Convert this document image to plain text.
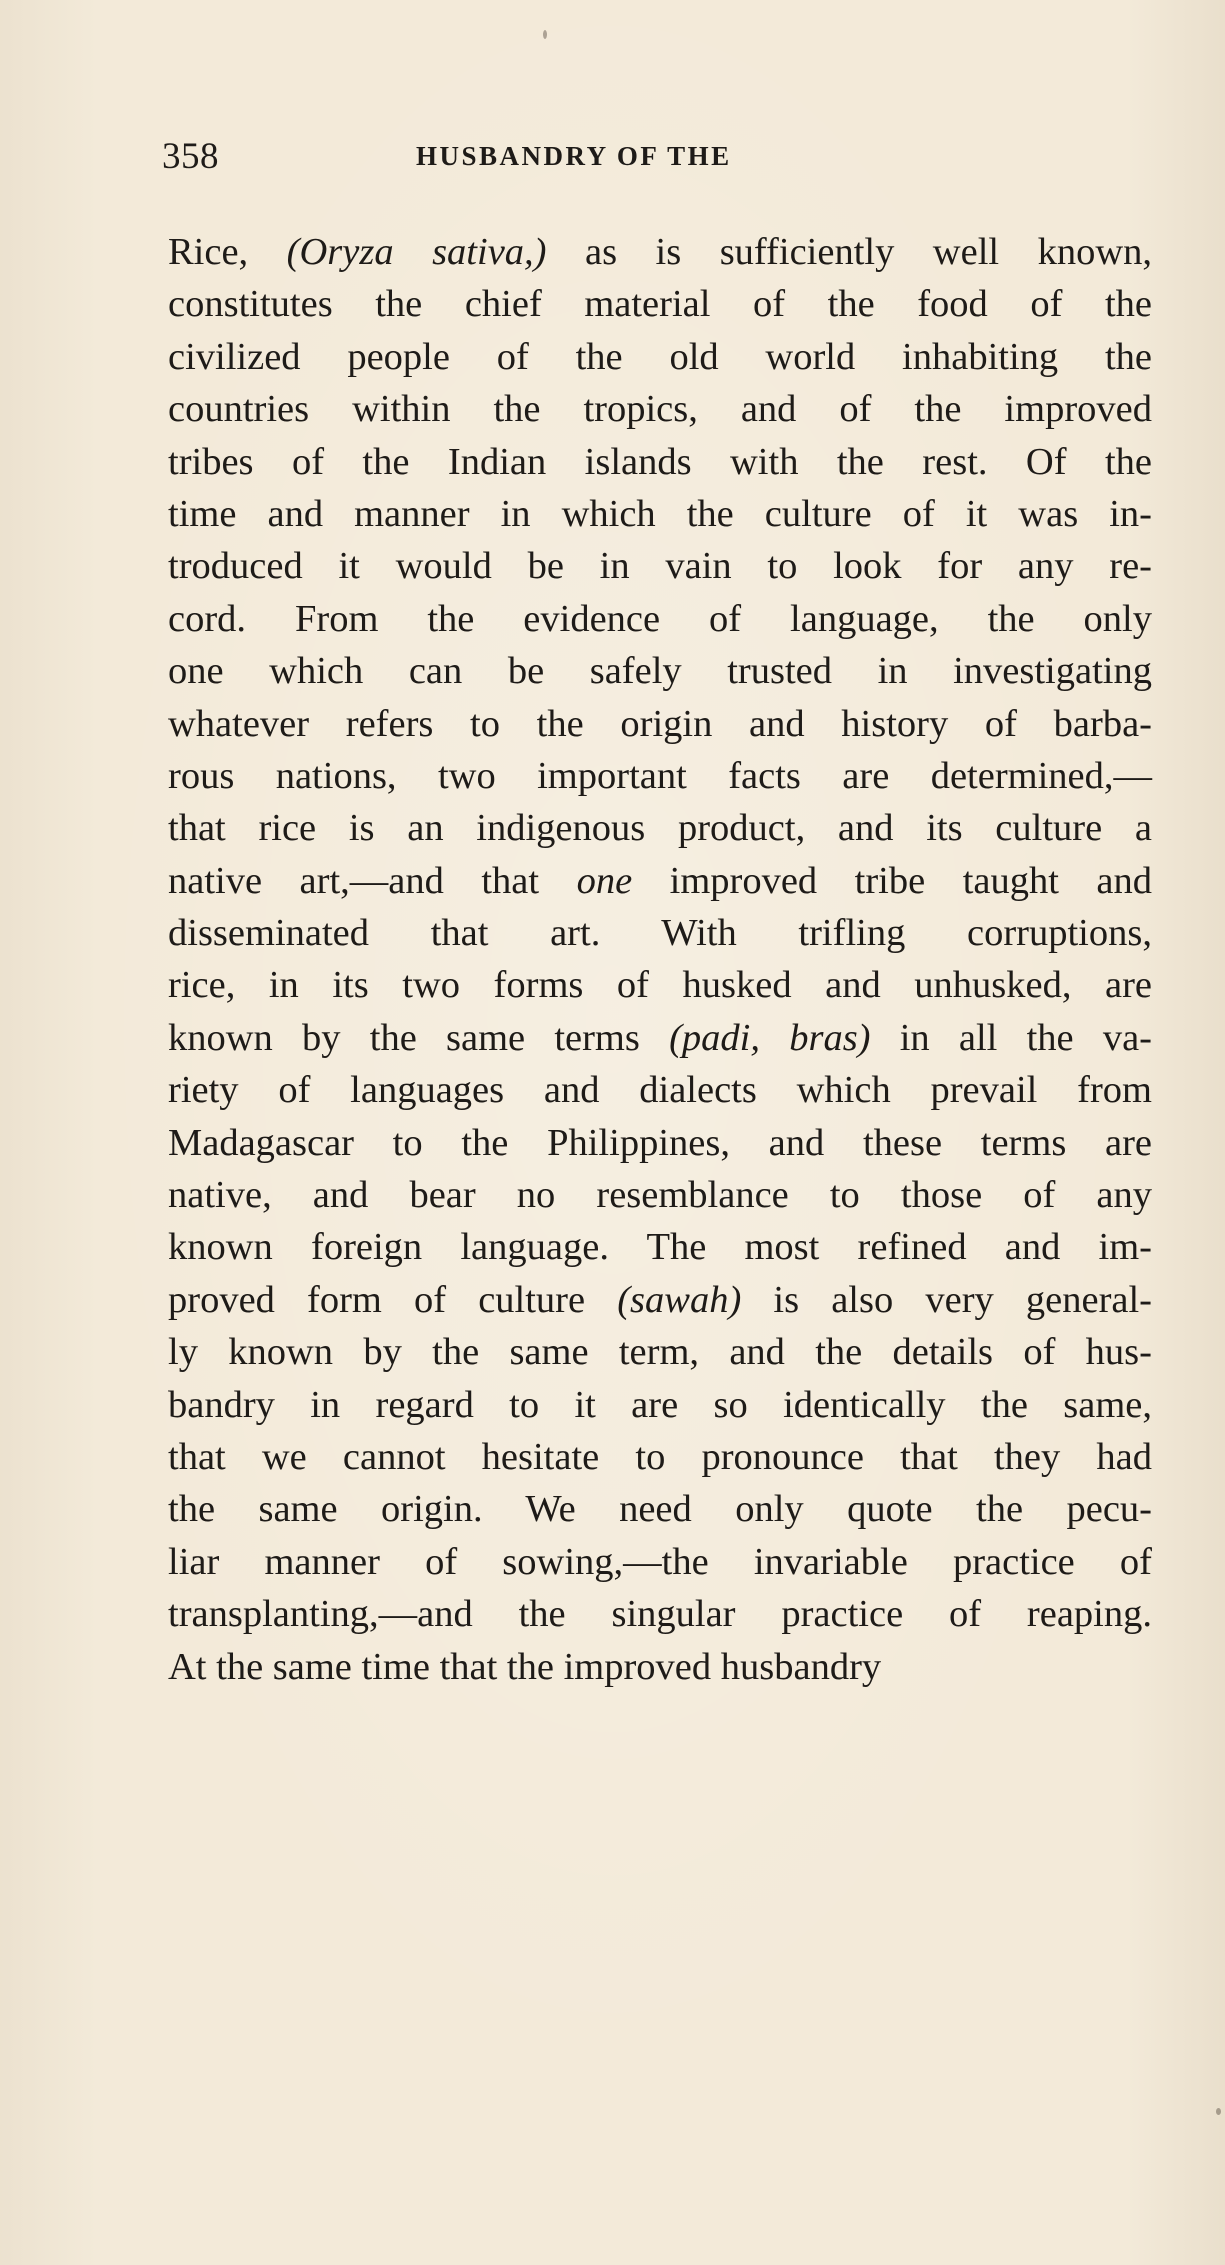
358	HUSBANDRY OF THE
Rice, (Oryza sativa,) as is sufficiently well known,
constitutes the chief material of the food of the
civilized people of the old world inhabiting the
countries within the tropics, and of the improved
tribes of the Indian islands with the rest. Of the
time and manner in which the culture of it was in-
troduced it would be in vain to look for any re-
cord. From the evidence of language, the only
one which can be safely trusted in investigating
whatever refers to the origin and history of barba-
rous nations, two important facts are determined,—
that rice is an indigenous product, and its culture a
native art,—and that one improved tribe taught and
disseminated that art. With trifling corruptions,
rice, in its two forms of husked and unhusked, are
known by the same terms (padi, bras) in all the va-
riety of languages and dialects which prevail from
Madagascar to the Philippines, and these terms are
native, and bear no resemblance to those of any
known foreign language. The most refined and im-
proved form of culture (sawah) is also very general-
ly known by the same term, and the details of hus-
bandry in regard to it are so identically the same,
that we cannot hesitate to pronounce that they had
the same origin. We need only quote the pecu-
liar manner of sowing,—the invariable practice of
transplanting,—and the singular practice of reaping.
At the same time that the improved husbandry
